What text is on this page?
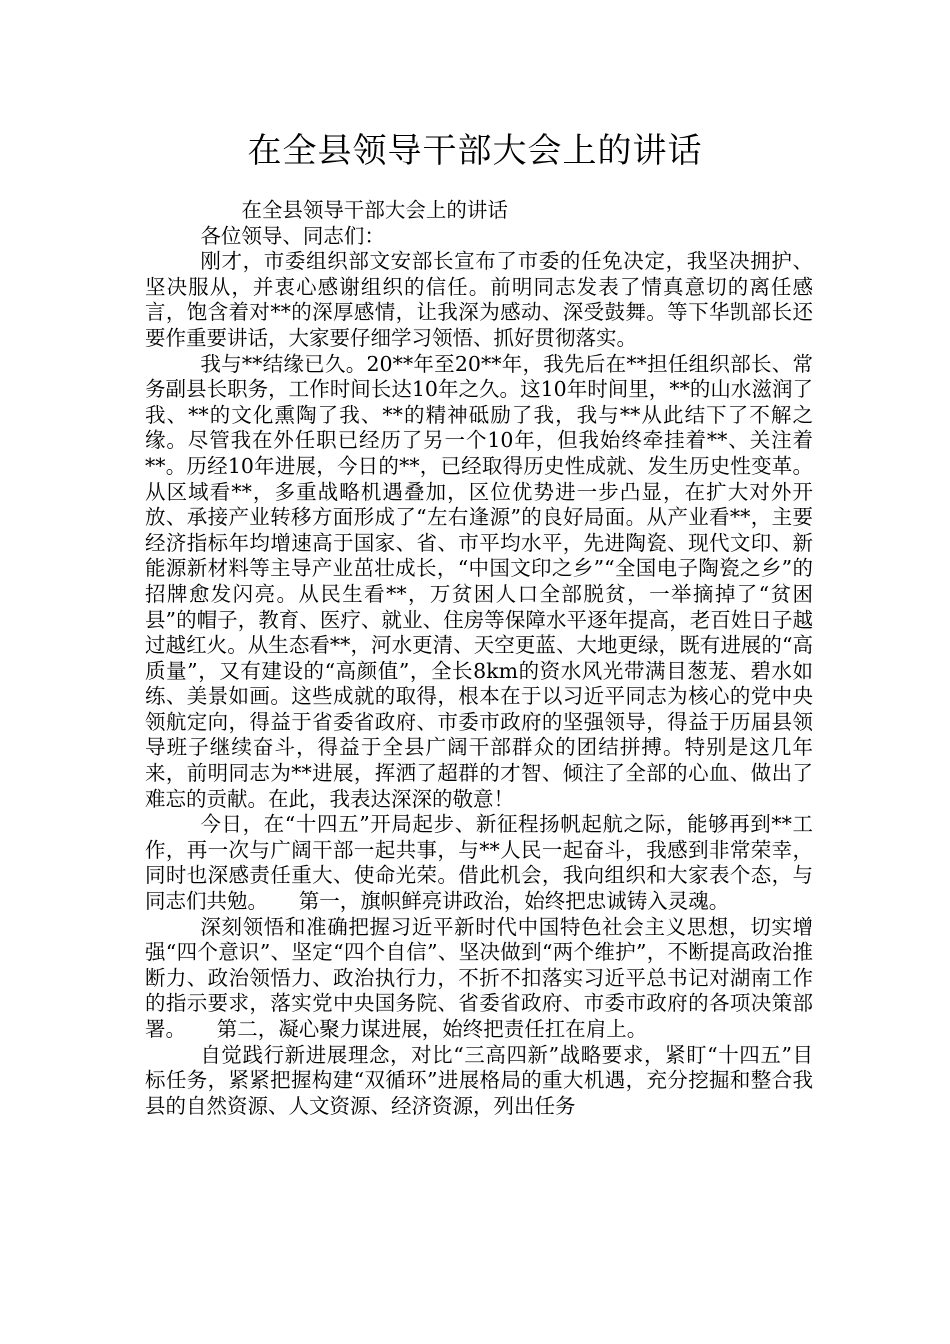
在全县领导干部大会上的讲话

在全县领导干部大会上的讲话

各位领导、同志们：

刚才，市委组织部文安部长宣布了市委的任免决定，我坚决拥护、坚决服从，并衷心感谢组织的信任。前明同志发表了情真意切的离任感言，饱含着对**的深厚感情，让我深为感动、深受鼓舞。等下华凯部长还要作重要讲话，大家要仔细学习领悟、抓好贯彻落实。

我与**结缘已久。20**年至20**年，我先后在**担任组织部长、常务副县长职务，工作时间长达10年之久。这10年时间里，**的山水滋润了我、**的文化熏陶了我、**的精神砥励了我，我与**从此结下了不解之缘。尽管我在外任职已经历了另一个10年，但我始终牵挂着**、关注着**。历经10年进展，今日的**，已经取得历史性成就、发生历史性变革。从区域看**，多重战略机遇叠加，区位优势进一步凸显，在扩大对外开放、承接产业转移方面形成了“左右逢源”的良好局面。从产业看**，主要经济指标年均增速高于国家、省、市平均水平，先进陶瓷、现代文印、新能源新材料等主导产业茁壮成长，“中国文印之乡”“全国电子陶瓷之乡”的招牌愈发闪亮。从民生看**，万贫困人口全部脱贫，一举摘掉了“贫困县”的帽子，教育、医疗、就业、住房等保障水平逐年提高，老百姓日子越过越红火。从生态看**，河水更清、天空更蓝、大地更绿，既有进展的“高质量”，又有建设的“高颜值”，全长8km的资水风光带满目葱茏、碧水如练、美景如画。这些成就的取得，根本在于以习近平同志为核心的党中央领航定向，得益于省委省政府、市委市政府的坚强领导，得益于历届县领导班子继续奋斗，得益于全县广阔干部群众的团结拼搏。特别是这几年来，前明同志为**进展，挥洒了超群的才智、倾注了全部的心血、做出了难忘的贡献。在此，我表达深深的敬意！

今日，在“十四五”开局起步、新征程扬帆起航之际，能够再到**工作，再一次与广阔干部一起共事，与**人民一起奋斗，我感到非常荣幸，同时也深感责任重大、使命光荣。借此机会，我向组织和大家表个态，与同志们共勉。　　第一，旗帜鲜亮讲政治，始终把忠诚铸入灵魂。

深刻领悟和准确把握习近平新时代中国特色社会主义思想，切实增强“四个意识”、坚定“四个自信”、坚决做到“两个维护”，不断提高政治推断力、政治领悟力、政治执行力，不折不扣落实习近平总书记对湖南工作的指示要求，落实党中央国务院、省委省政府、市委市政府的各项决策部署。　　第二，凝心聚力谋进展，始终把责任扛在肩上。

自觉践行新进展理念，对比“三高四新”战略要求，紧盯“十四五”目标任务，紧紧把握构建“双循环”进展格局的重大机遇，充分挖掘和整合我县的自然资源、人文资源、经济资源，列出任务
